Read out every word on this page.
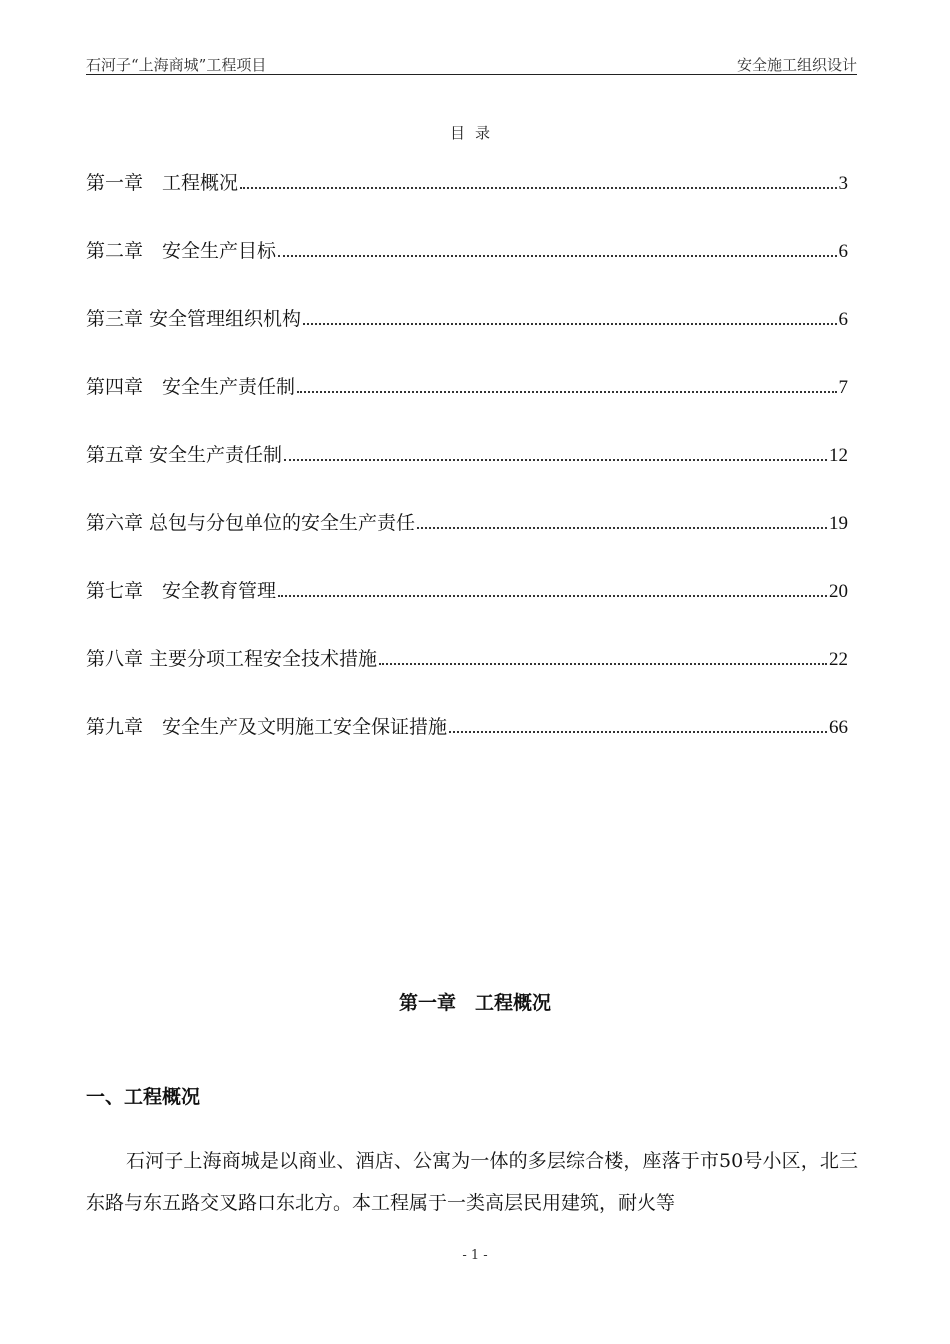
石河子“上海商城”工程项目	安全施工组织设计
目录
第一章　工程概况	3
第二章　安全生产目标	6
第三章 安全管理组织机构	6
第四章　安全生产责任制	7
第五章 安全生产责任制	12
第六章 总包与分包单位的安全生产责任	19
第七章　安全教育管理	20
第八章 主要分项工程安全技术措施	22
第九章　安全生产及文明施工安全保证措施	66
第一章　工程概况
一、工程概况

石河子上海商城是以商业、酒店、公寓为一体的多层综合楼，座落于市50号小区，北三东路与东五路交叉路口东北方。本工程属于一类高层民用建筑，耐火等

- 1 -
